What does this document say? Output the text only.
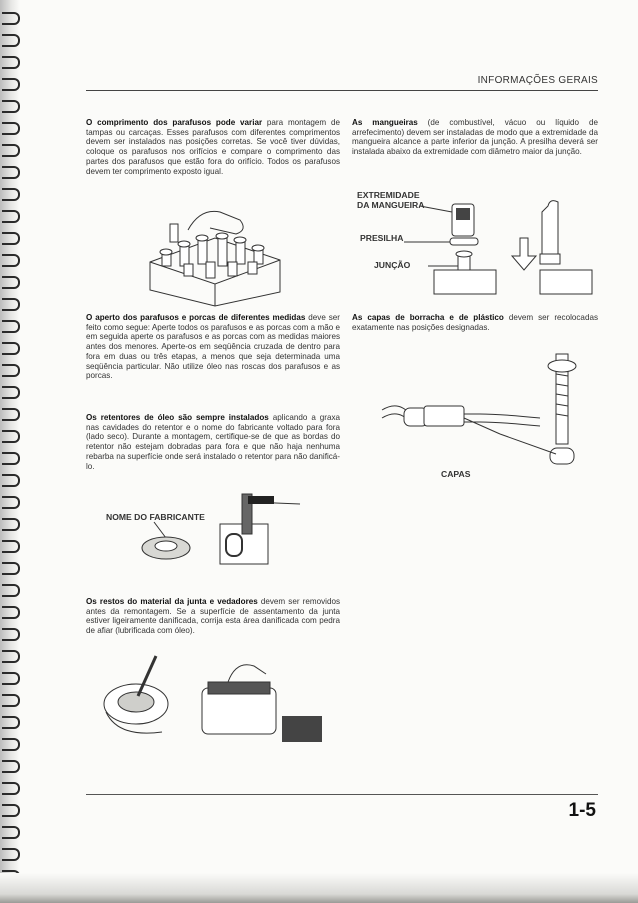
INFORMAÇÕES GERAIS
O comprimento dos parafusos pode variar para montagem de tampas ou carcaças. Esses parafusos com diferentes comprimentos devem ser instalados nas posições corretas. Se você tiver dúvidas, coloque os parafusos nos orifícios e compare o comprimento das partes dos parafusos que estão fora do orifício. Todos os parafusos devem ter comprimento exposto igual.
O aperto dos parafusos e porcas de diferentes medidas deve ser feito como segue: Aperte todos os parafusos e as porcas com a mão e em seguida aperte os parafusos e as porcas com as medidas maiores antes dos menores. Aperte-os em seqüência cruzada de dentro para fora em duas ou três etapas, a menos que seja determinada uma seqüência particular. Não utilize óleo nas roscas dos parafusos e as porcas.
Os retentores de óleo são sempre instalados aplicando a graxa nas cavidades do retentor e o nome do fabricante voltado para fora (lado seco). Durante a montagem, certifique-se de que as bordas do retentor não estejam dobradas para fora e que não haja nenhuma rebarba na superfície onde será instalado o retentor para não danificá-lo.
NOME DO FABRICANTE
Os restos do material da junta e vedadores devem ser removidos antes da remontagem. Se a superfície de assentamento da junta estiver ligeiramente danificada, corrija esta área danificada com pedra de afiar (lubrificada com óleo).
As mangueiras (de combustível, vácuo ou líquido de arrefecimento) devem ser instaladas de modo que a extremidade da mangueira alcance a parte inferior da junção. A presilha deverá ser instalada abaixo da extremidade com diâmetro maior da junção.
EXTREMIDADE
DA MANGUEIRA
PRESILHA
JUNÇÃO
As capas de borracha e de plástico devem ser recolocadas exatamente nas posições designadas.
CAPAS
1-5
